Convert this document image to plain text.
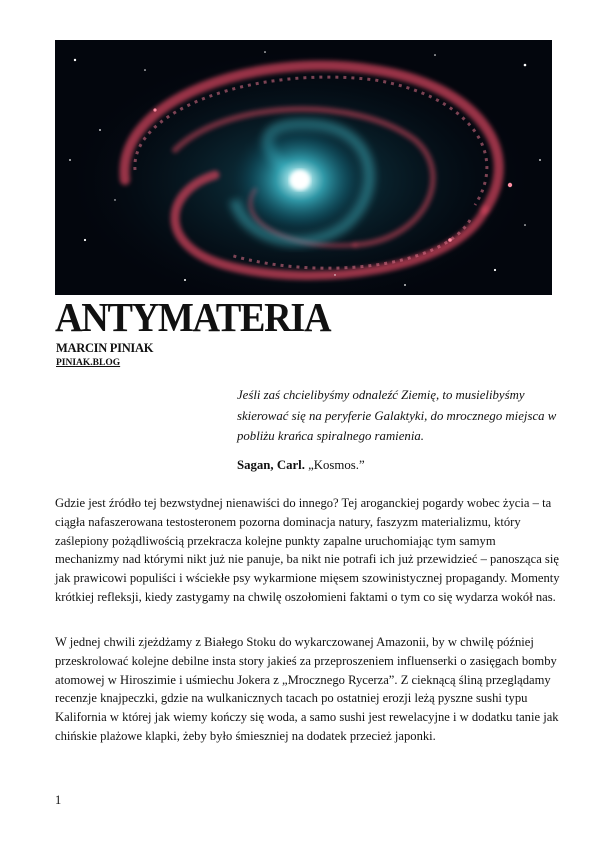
ANTYMATERIA
MARCIN PINIAK
PINIAK.BLOG

Jeśli zaś chcielibyśmy odnaleźć Ziemię, to musielibyśmy skierować się na peryferie Galaktyki, do mrocznego miejsca w pobliżu krańca spiralnego ramienia.

Sagan, Carl. „Kosmos.”

Gdzie jest źródło tej bezwstydnej nienawiści do innego? Tej aroganckiej pogardy wobec życia – ta ciągła nafaszerowana testosteronem pozorna dominacja natury, faszyzm materializmu, który zaślepiony pożądliwością przekracza kolejne punkty zapalne uruchomiając tym samym mechanizmy nad którymi nikt już nie panuje, ba nikt nie potrafi ich już przewidzieć – panosząca się jak prawicowi populiści i wściekłe psy wykarmione mięsem szowinistycznej propagandy. Momenty krótkiej refleksji, kiedy zastygamy na chwilę oszołomieni faktami o tym co się wydarza wokół nas.

W jednej chwili zjeżdżamy z Białego Stoku do wykarczowanej Amazonii, by w chwilę później przeskrolować kolejne debilne insta story jakieś za przeproszeniem influenserki o zasięgach bomby atomowej w Hiroszimie i uśmiechu Jokera z „Mrocznego Rycerza”. Z cieknącą śliną przeglądamy recenzje knajpeczki, gdzie na wulkanicznych tacach po ostatniej erozji leżą pyszne sushi typu Kalifornia w której jak wiemy kończy się woda, a samo sushi jest rewelacyjne i w dodatku tanie jak chińskie plażowe klapki, żeby było śmieszniej na dodatek przecież japonki.

1
